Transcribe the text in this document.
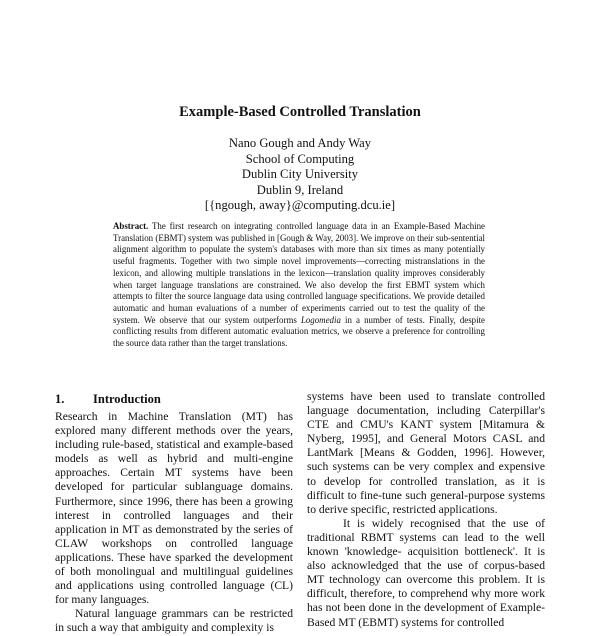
Example-Based Controlled Translation
Nano Gough and Andy Way
School of Computing
Dublin City University
Dublin 9, Ireland
[{ngough, away}@computing.dcu.ie]
Abstract. The first research on integrating controlled language data in an Example-Based Machine Translation (EBMT) system was published in [Gough & Way, 2003]. We improve on their sub-sentential alignment algorithm to populate the system's databases with more than six times as many potentially useful fragments. Together with two simple novel improvements—correcting mistranslations in the lexicon, and allowing multiple translations in the lexicon—translation quality improves considerably when target language translations are constrained. We also develop the first EBMT system which attempts to filter the source language data using controlled language specifications. We provide detailed automatic and human evaluations of a number of experiments carried out to test the quality of the system. We observe that our system outperforms Logomedia in a number of tests. Finally, despite conflicting results from different automatic evaluation metrics, we observe a preference for controlling the source data rather than the target translations.
1. Introduction

Research in Machine Translation (MT) has explored many different methods over the years, including rule-based, statistical and example-based models as well as hybrid and multi-engine approaches. Certain MT systems have been developed for particular sublanguage domains. Furthermore, since 1996, there has been a growing interest in controlled languages and their application in MT as demonstrated by the series of CLAW workshops on controlled language applications. These have sparked the development of both monolingual and multilingual guidelines and applications using controlled language (CL) for many languages.

Natural language grammars can be restricted in such a way that ambiguity and complexity is

systems have been used to translate controlled language documentation, including Caterpillar's CTE and CMU's KANT system [Mitamura & Nyberg, 1995], and General Motors CASL and LantMark [Means & Godden, 1996]. However, such systems can be very complex and expensive to develop for controlled translation, as it is difficult to fine-tune such general-purpose systems to derive specific, restricted applications.

It is widely recognised that the use of traditional RBMT systems can lead to the well known 'knowledge- acquisition bottleneck'. It is also acknowledged that the use of corpus-based MT technology can overcome this problem. It is difficult, therefore, to comprehend why more work has not been done in the development of Example-Based MT (EBMT) systems for controlled
